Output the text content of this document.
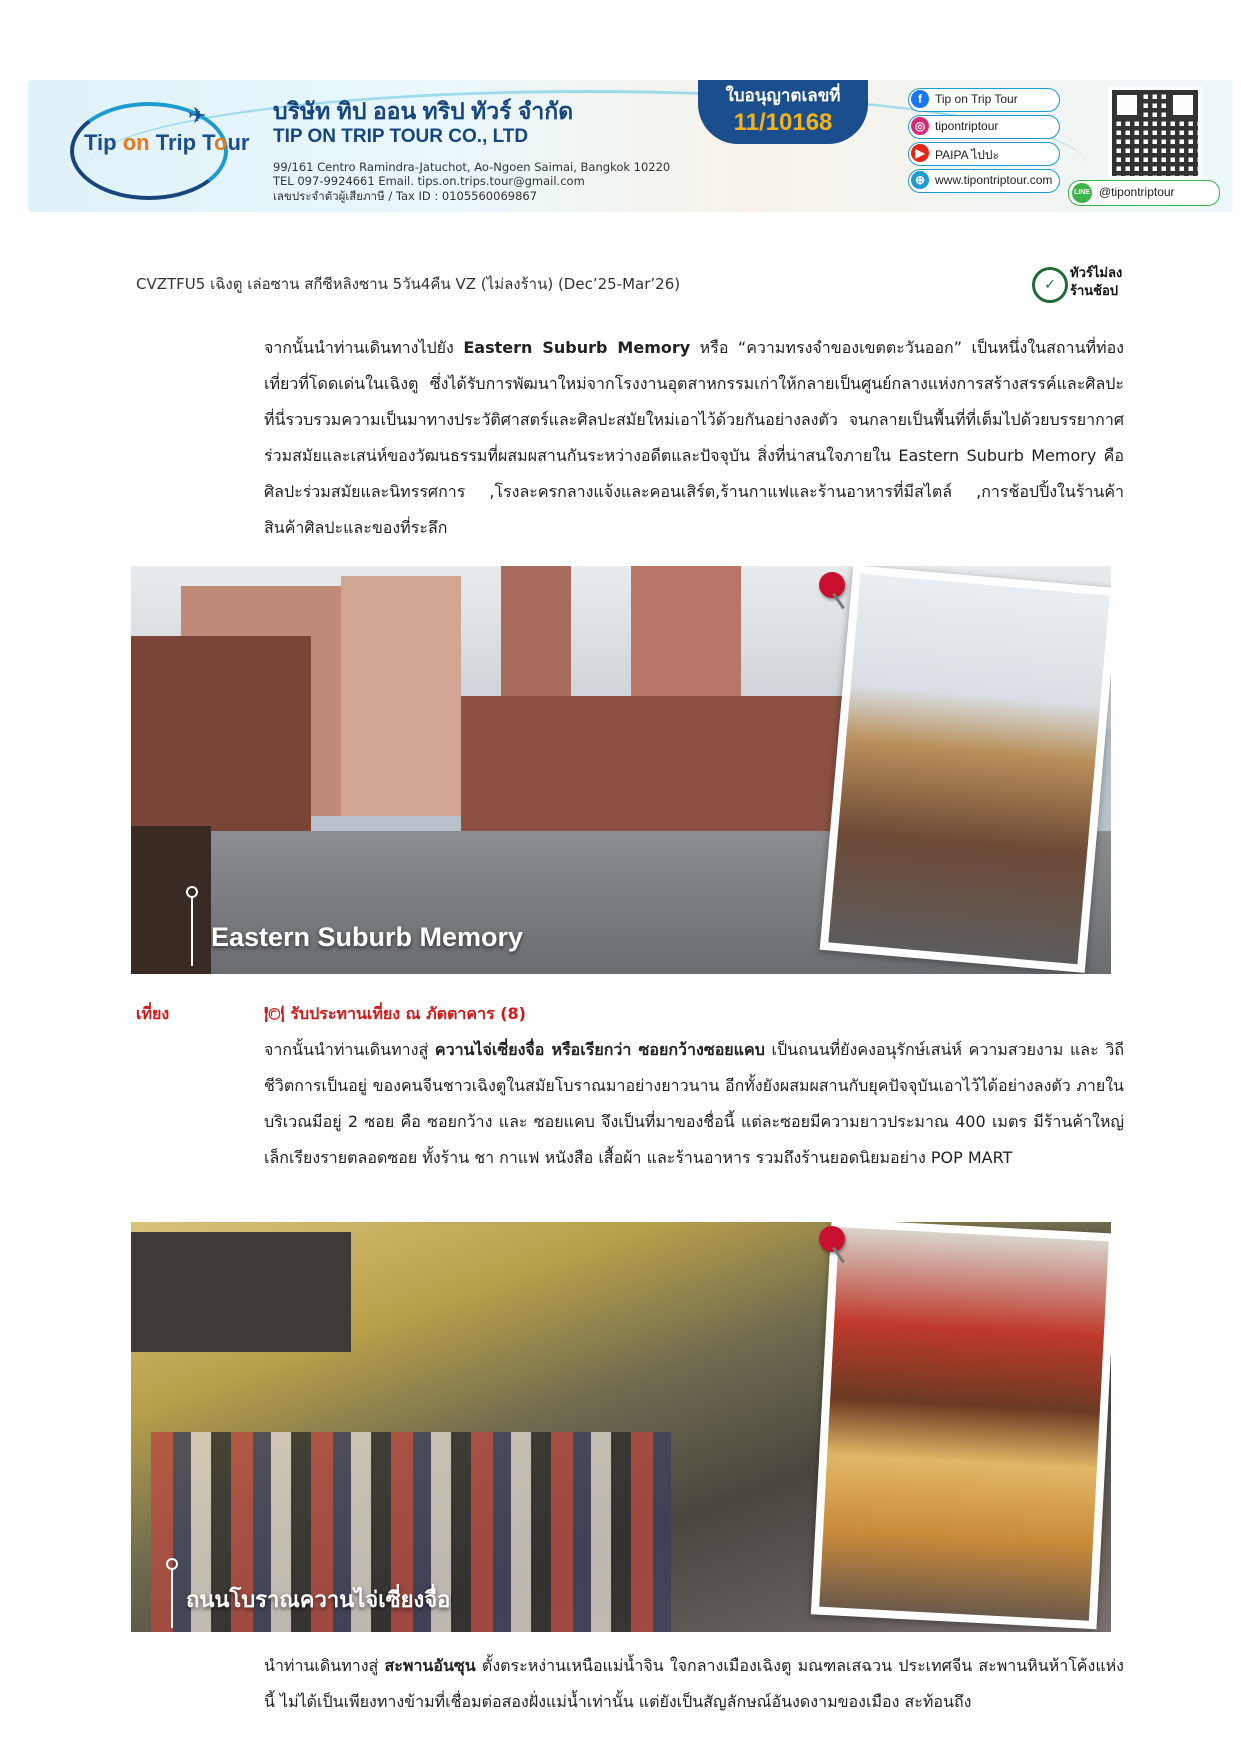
✈
Tip on Trip Tour
บริษัท ทิป ออน ทริป ทัวร์ จำกัด
TIP ON TRIP TOUR CO., LTD
99/161 Centro Ramindra-Jatuchot, Ao-Ngoen Saimai, Bangkok 10220
TEL 097-9924661 Email. tips.on.trips.tour@gmail.com
เลขประจำตัวผู้เสียภาษี / Tax ID : 0105560069867
ใบอนุญาตเลขที่
11/10168
f	Tip on Trip Tour
◎ tipontriptour
▶ PAIPA ไปปะ
⊕ www.tipontriptour.com
LINE @tipontriptour
CVZTFU5 เฉิงตู เล่อซาน สกีซีหลิงซาน 5วัน4คืน VZ (ไม่ลงร้าน) (Dec’25-Mar’26)	✓
ทัวร์ไม่ลงร้านช้อป
จากนั้นนำท่านเดินทางไปยัง Eastern Suburb Memory หรือ “ความทรงจำของเขตตะวันออก” เป็นหนึ่งในสถานที่ท่องเที่ยวที่โดดเด่นในเฉิงตู ซึ่งได้รับการพัฒนาใหม่จากโรงงานอุตสาหกรรมเก่าให้กลายเป็นศูนย์กลางแห่งการสร้างสรรค์และศิลปะ ที่นี่รวบรวมความเป็นมาทางประวัติศาสตร์และศิลปะสมัยใหม่เอาไว้ด้วยกันอย่างลงตัว จนกลายเป็นพื้นที่ที่เต็มไปด้วยบรรยากาศร่วมสมัยและเสน่ห์ของวัฒนธรรมที่ผสมผสานกันระหว่างอดีตและปัจจุบัน สิ่งที่น่าสนใจภายใน Eastern Suburb Memory คือ ศิลปะร่วมสมัยและนิทรรศการ ,โรงละครกลางแจ้งและคอนเสิร์ต,ร้านกาแฟและร้านอาหารที่มีสไตล์ ,การช้อปปิ้งในร้านค้าสินค้าศิลปะและของที่ระลึก
Eastern Suburb Memory
เที่ยง	🍽 รับประทานเที่ยง ณ ภัตตาคาร (8)
จากนั้นนำท่านเดินทางสู่ ควานไจ่เซี่ยงจื่อ หรือเรียกว่า ซอยกว้างซอยแคบ เป็นถนนที่ยังคงอนุรักษ์เสน่ห์ ความสวยงาม และ วิถี ชีวิตการเป็นอยู่ ของคนจีนชาวเฉิงตูในสมัยโบราณมาอย่างยาวนาน อีกทั้งยังผสมผสานกับยุคปัจจุบันเอาไว้ได้อย่างลงตัว ภายในบริเวณมีอยู่ 2 ซอย คือ ซอยกว้าง และ ซอยแคบ จึงเป็นที่มาของชื่อนี้ แต่ละซอยมีความยาวประมาณ 400 เมตร มีร้านค้าใหญ่เล็กเรียงรายตลอดซอย ทั้งร้าน ชา กาแฟ หนังสือ เสื้อผ้า และร้านอาหาร รวมถึงร้านยอดนิยมอย่าง POP MART
ถนนโบราณควานไจ่เซี่ยงจื่อ
นำท่านเดินทางสู่ สะพานอันซุน ตั้งตระหง่านเหนือแม่น้ำจิน ใจกลางเมืองเฉิงตู มณฑลเสฉวน ประเทศจีน สะพานหินห้าโค้งแห่งนี้ ไม่ได้เป็นเพียงทางข้ามที่เชื่อมต่อสองฝั่งแม่น้ำเท่านั้น แต่ยังเป็นสัญลักษณ์อันงดงามของเมือง สะท้อนถึง
